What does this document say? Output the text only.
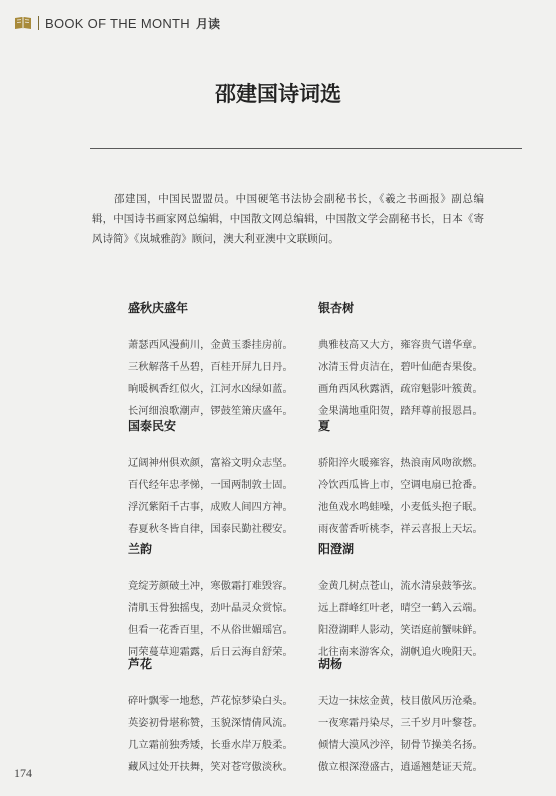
BOOK OF THE MONTH 月读
邵建国诗词选
邵建国，中国民盟盟员。中国硬笔书法协会副秘书长，《羲之书画报》副总编辑，中国诗书画家网总编辑，中国散文网总编辑，中国散文学会副秘书长，日本《寄风诗简》《岚城雅韵》顾问，澳大利亚澳中文联顾问。
盛秋庆盛年
萧瑟西风漫蓟川，金黄玉黍挂房前。
三秋解落千丛碧，百桂开屏九日丹。
晌暖枫香红似火，江河水凶绿如蓝。
长河细浪歌潮声，锣鼓笙箫庆盛年。
银杏树
典雅枝高又大方，雍容贵气谱华章。
冰清玉骨贞洁在，碧叶仙葩杏果俊。
画角西风秋露洒，疏帘魁影叶簇黄。
金果满地重阳贺，踏拜尊前报恩昌。
国泰民安
辽阔神州俱欢颜，富裕文明众志坚。
百代经年忠孝悌，一国两制敦士固。
浮沉紫陌千古事，成败人间四方神。
春夏秋冬皆自律，国泰民勤社稷安。
夏
骄阳淬火暖雍容，热浪南风吻欲燃。
冷饮西瓜皆上市，空调电扇已抢番。
池鱼戏水鸣蛙噪，小麦低头抱子眠。
雨夜蕾香听桃李，祥云喜报上天坛。
兰韵
竞绽芳颜破土冲，寒傲霜打难毁容。
清肌玉骨独摇曳，劲叶晶灵众赏惊。
但看一花香百里，不从俗世媚瑶宫。
同荣蔓草迎霜露，后日云海自舒荣。
阳澄湖
金黄几树点苍山，流水清泉鼓筝弦。
远上群峰红叶老，晴空一鹤入云端。
阳澄湖畔人影动，笑语庭前蟹味鲜。
北往南来游客众，湖帆追火晚阳天。
芦花
碎叶飘零一地愁，芦花惊梦染白头。
英姿初骨堪称赞，玉貌深情倩风流。
几立霜前独秀矮，长垂水岸万般柔。
藏风过处开扶舞，笑对苍穹傲淡秋。
胡杨
天边一抹炫金黄，枝目傲风历沧桑。
一夜寒霜丹染尽，三千岁月叶黎苍。
倾情大漠风沙淬，韧骨节操美名扬。
傲立根深澄盛古，逍遥翘楚证天荒。
174
